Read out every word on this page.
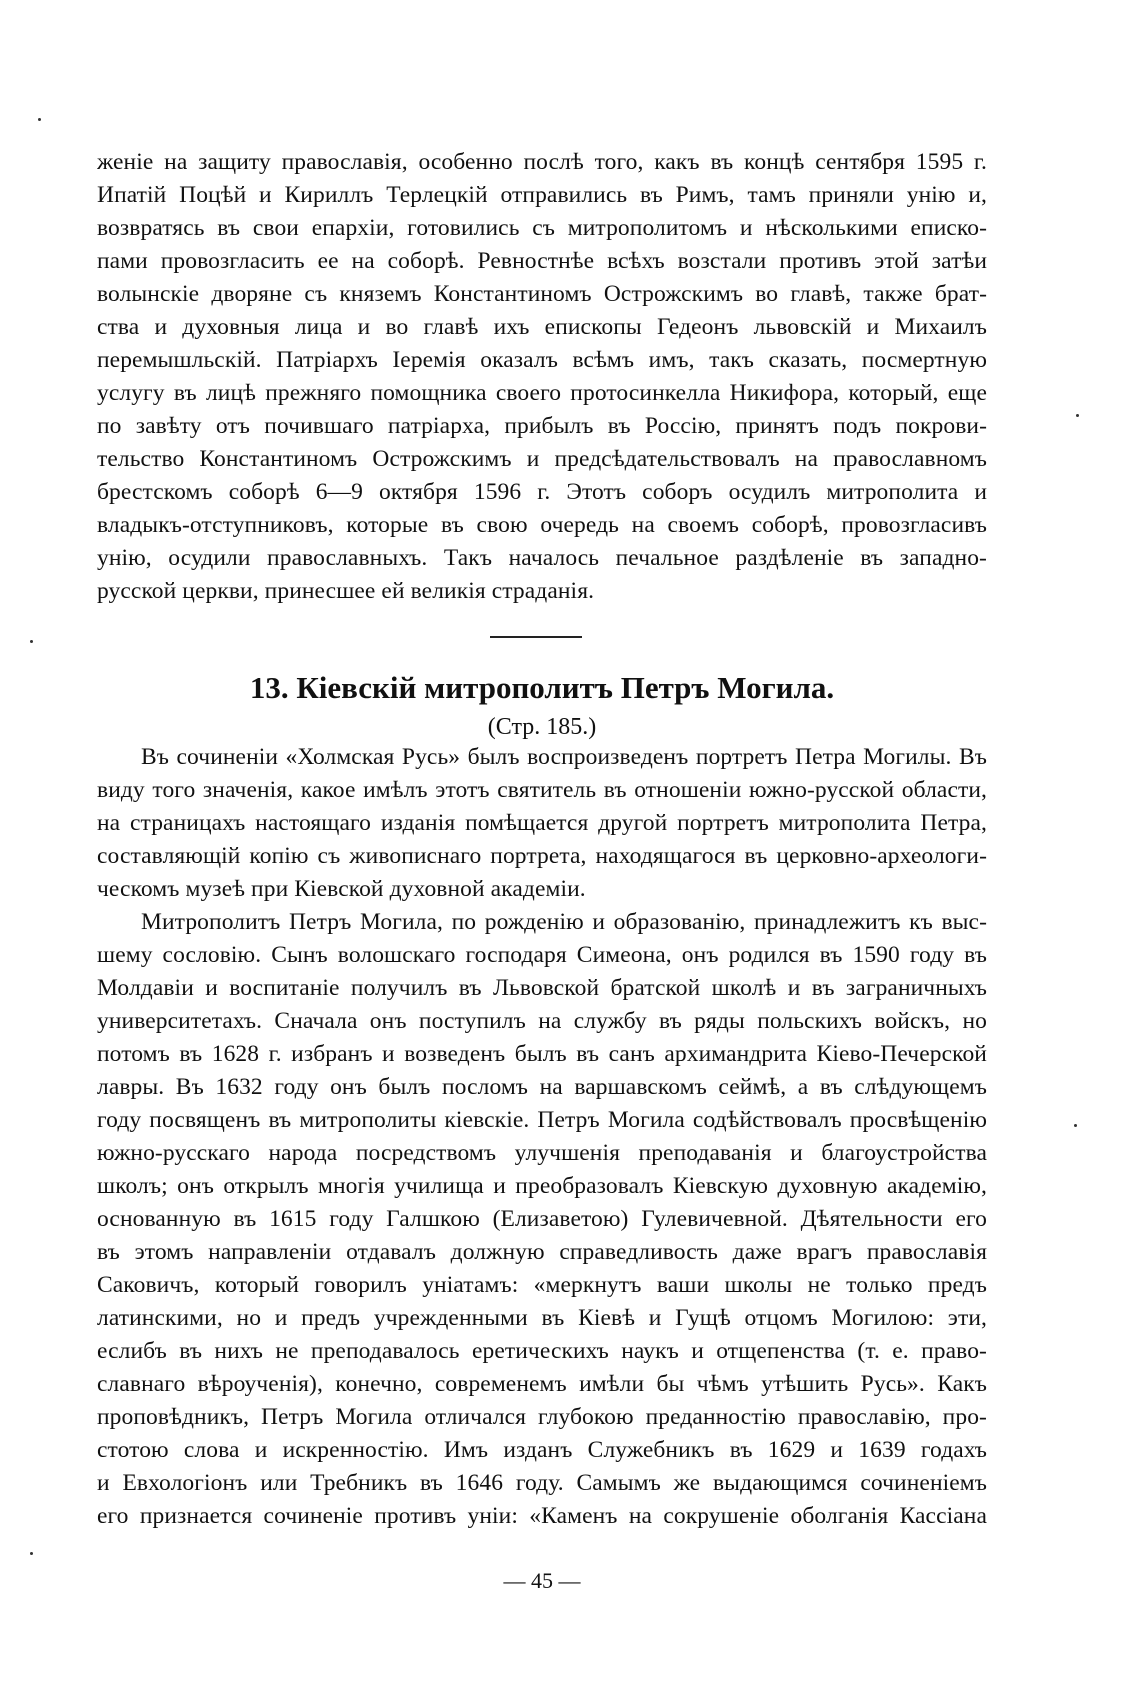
женіе на защиту православія, особенно послѣ того, какъ въ концѣ сентября 1595 г.
Ипатій Поцѣй и Кириллъ Терлецкій отправились въ Римъ, тамъ приняли унію и,
возвратясь въ свои епархіи, готовились съ митрополитомъ и нѣсколькими еписко-
пами провозгласить ее на соборѣ. Ревностнѣе всѣхъ возстали противъ этой затѣи
волынскіе дворяне съ княземъ Константиномъ Острожскимъ во главѣ, также брат-
ства и духовныя лица и во главѣ ихъ епископы Гедеонъ львовскій и Михаилъ
перемышльскій. Патріархъ Іеремія оказалъ всѣмъ имъ, такъ сказать, посмертную
услугу въ лицѣ прежняго помощника своего протосинкелла Никифора, который, еще
по завѣту отъ почившаго патріарха, прибылъ въ Россію, принятъ подъ покрови-
тельство Константиномъ Острожскимъ и предсѣдательствовалъ на православномъ
брестскомъ соборѣ 6—9 октября 1596 г. Этотъ соборъ осудилъ митрополита и
владыкъ-отступниковъ, которые въ свою очередь на своемъ соборѣ, провозгласивъ
унію, осудили православныхъ. Такъ началось печальное раздѣленіе въ западно-
русской церкви, принесшее ей великія страданія.
13. Кіевскій митрополитъ Петръ Могила.
(Стр. 185.)
Въ сочиненіи «Холмская Русь» былъ воспроизведенъ портретъ Петра Могилы. Въ
виду того значенія, какое имѣлъ этотъ святитель въ отношеніи южно-русской области,
на страницахъ настоящаго изданія помѣщается другой портретъ митрополита Петра,
составляющій копію съ живописнаго портрета, находящагося въ церковно-археологи-
ческомъ музеѣ при Кіевской духовной академіи.
Митрополитъ Петръ Могила, по рожденію и образованію, принадлежитъ къ выс-
шему сословію. Сынъ волошскаго господаря Симеона, онъ родился въ 1590 году въ
Молдавіи и воспитаніе получилъ въ Львовской братской школѣ и въ заграничныхъ
университетахъ. Сначала онъ поступилъ на службу въ ряды польскихъ войскъ, но
потомъ въ 1628 г. избранъ и возведенъ былъ въ санъ архимандрита Кіево-Печерской
лавры. Въ 1632 году онъ былъ посломъ на варшавскомъ сеймѣ, а въ слѣдующемъ
году посвященъ въ митрополиты кіевскіе. Петръ Могила содѣйствовалъ просвѣщенію
южно-русскаго народа посредствомъ улучшенія преподаванія и благоустройства
школъ; онъ открылъ многія училища и преобразовалъ Кіевскую духовную академію,
основанную въ 1615 году Галшкою (Елизаветою) Гулевичевной. Дѣятельности его
въ этомъ направленіи отдавалъ должную справедливость даже врагъ православія
Саковичъ, который говорилъ уніатамъ: «меркнутъ ваши школы не только предъ
латинскими, но и предъ учрежденными въ Кіевѣ и Гущѣ отцомъ Могилою: эти,
еслибъ въ нихъ не преподавалось еретическихъ наукъ и отщепенства (т. е. право-
славнаго вѣроученія), конечно, современемъ имѣли бы чѣмъ утѣшить Русь». Какъ
проповѣдникъ, Петръ Могила отличался глубокою преданностію православію, про-
стотою слова и искренностію. Имъ изданъ Служебникъ въ 1629 и 1639 годахъ
и Евхологіонъ или Требникъ въ 1646 году. Самымъ же выдающимся сочиненіемъ
его признается сочиненіе противъ уніи: «Каменъ на сокрушеніе оболганія Кассіана
— 45 —
